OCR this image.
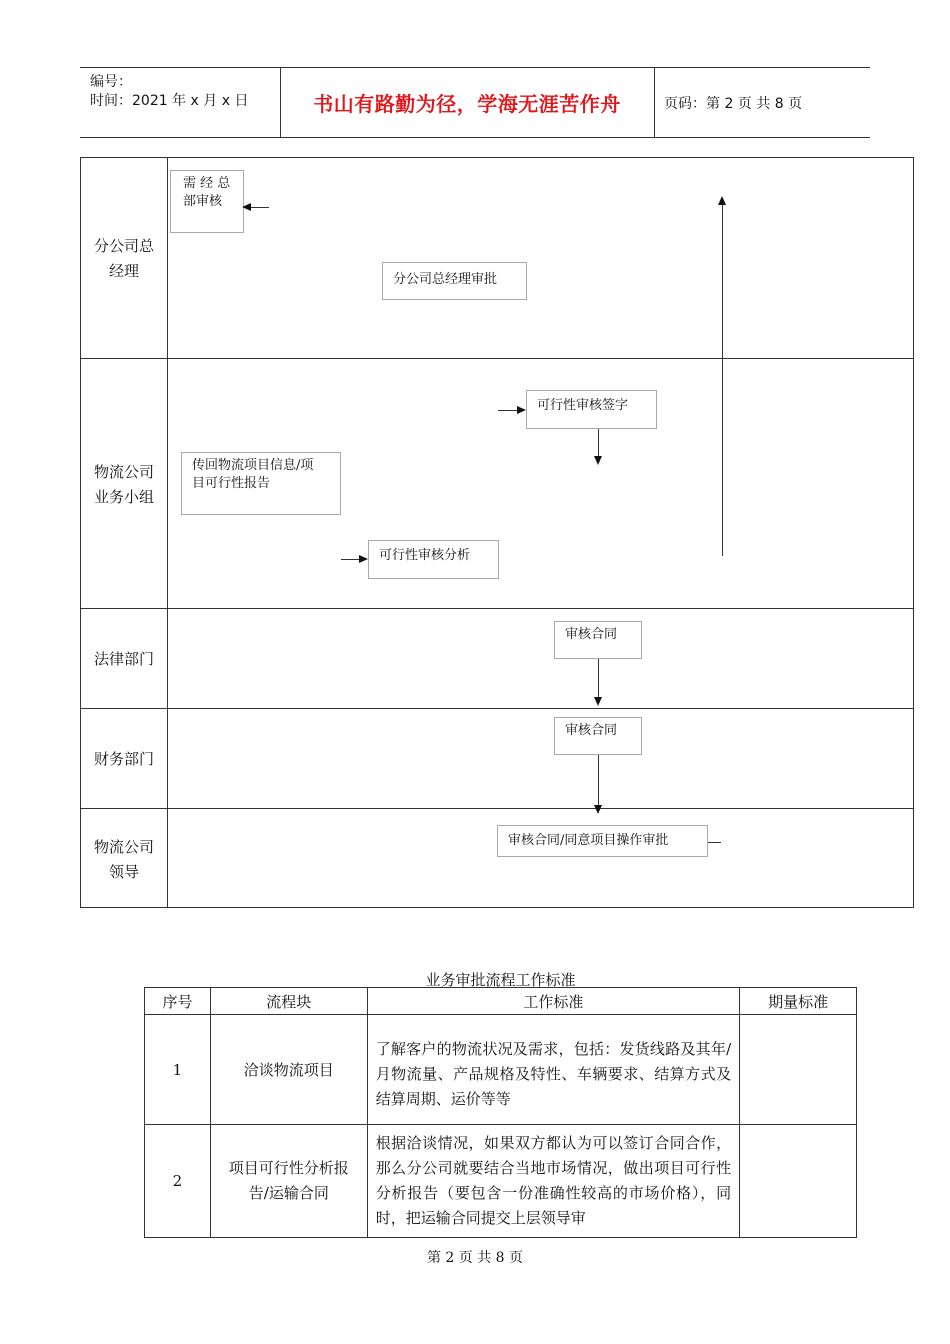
编号：
时间：2021 年 x 月 x 日	书山有路勤为径，学海无涯苦作舟	页码：第 2 页 共 8 页
分公司总
经理
物流公司
业务小组
法律部门
财务部门
物流公司
领导
需 经 总
部审核
分公司总经理审批
可行性审核签字
传回物流项目信息/项
目可行性报告
可行性审核分析
审核合同
审核合同
审核合同/同意项目操作审批
业务审批流程工作标准
序号	流程块	工作标准	期量标准
1	洽谈物流项目	了解客户的物流状况及需求，包括：发货线路及其年/月物流量、产品规格及特性、车辆要求、结算方式及结算周期、运价等等	
2	项目可行性分析报告/运输合同	根据洽谈情况，如果双方都认为可以签订合同合作，那么分公司就要结合当地市场情况，做出项目可行性分析报告（要包含一份准确性较高的市场价格），同时，把运输合同提交上层领导审	
第 2 页 共 8 页
